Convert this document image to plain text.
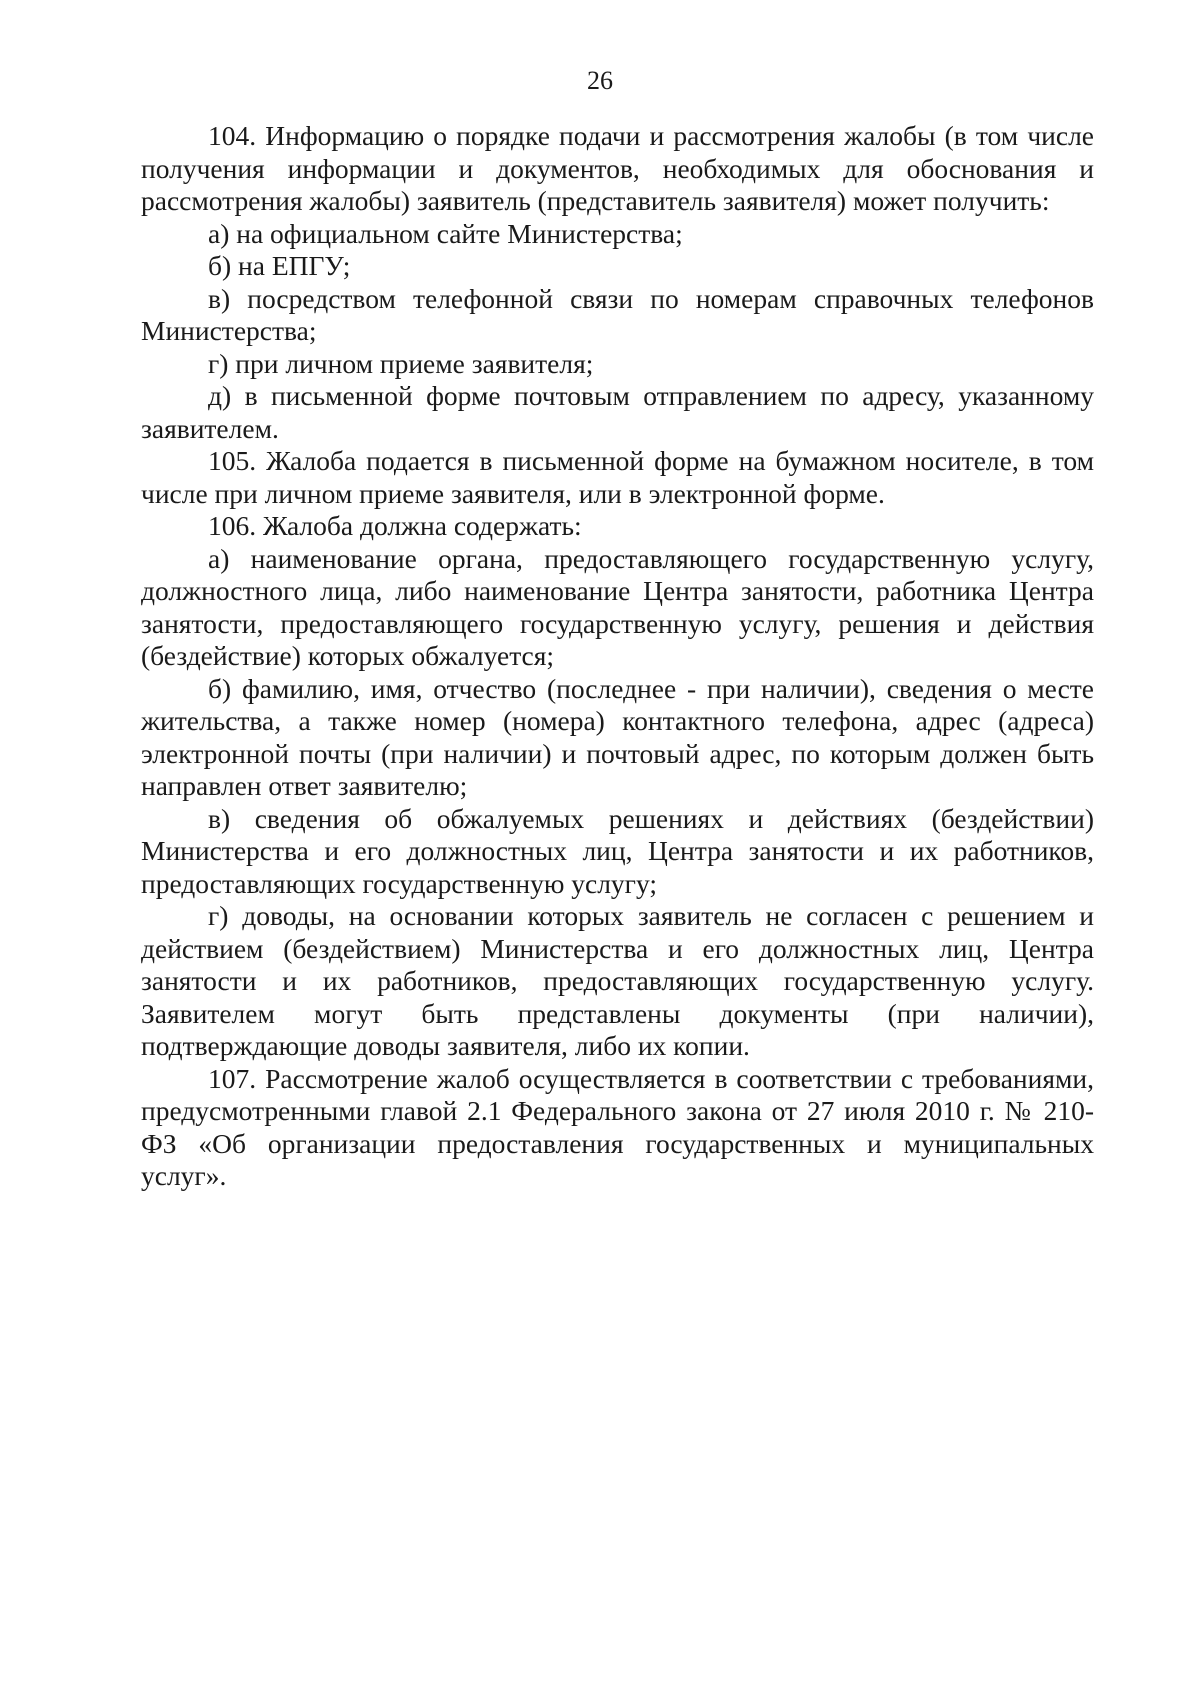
26

104. Информацию о порядке подачи и рассмотрения жалобы (в том числе получения информации и документов, необходимых для обоснования и рассмотрения жалобы) заявитель (представитель заявителя) может получить:

а) на официальном сайте Министерства;

б) на ЕПГУ;

в) посредством телефонной связи по номерам справочных телефонов Министерства;

г) при личном приеме заявителя;

д) в письменной форме почтовым отправлением по адресу, указанному заявителем.

105. Жалоба подается в письменной форме на бумажном носителе, в том числе при личном приеме заявителя, или в электронной форме.

106. Жалоба должна содержать:

а) наименование органа, предоставляющего государственную услугу, должностного лица, либо наименование Центра занятости, работника Центра занятости, предоставляющего государственную услугу, решения и действия (бездействие) которых обжалуется;

б) фамилию, имя, отчество (последнее - при наличии), сведения о месте жительства, а также номер (номера) контактного телефона, адрес (адреса) электронной почты (при наличии) и почтовый адрес, по которым должен быть направлен ответ заявителю;

в) сведения об обжалуемых решениях и действиях (бездействии) Министерства и его должностных лиц, Центра занятости и их работников, предоставляющих государственную услугу;

г) доводы, на основании которых заявитель не согласен с решением и действием (бездействием) Министерства и его должностных лиц, Центра занятости и их работников, предоставляющих государственную услугу. Заявителем могут быть представлены документы (при наличии), подтверждающие доводы заявителя, либо их копии.

107. Рассмотрение жалоб осуществляется в соответствии с требованиями, предусмотренными главой 2.1 Федерального закона от 27 июля 2010 г. № 210-ФЗ «Об организации предоставления государственных и муниципальных услуг».
